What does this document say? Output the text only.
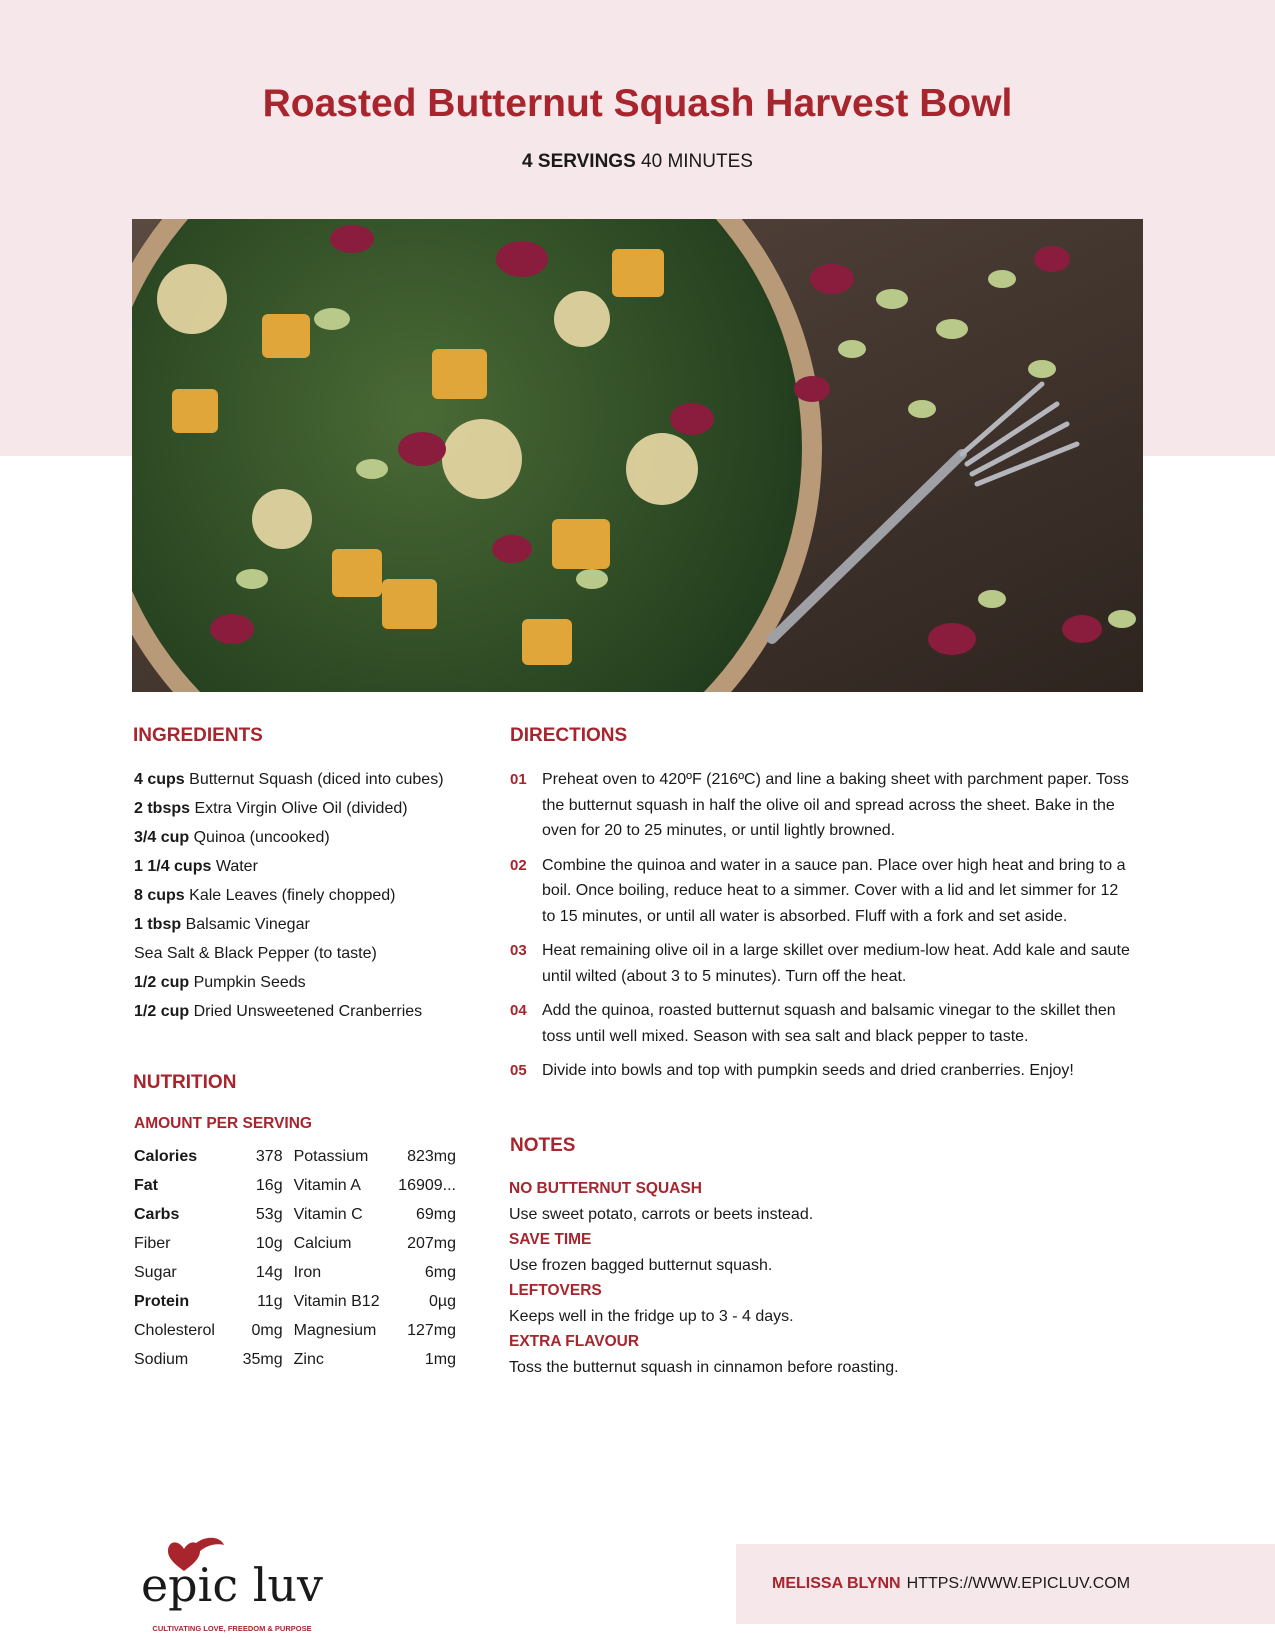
Roasted Butternut Squash Harvest Bowl
4 SERVINGS 40 MINUTES
INGREDIENTS
4 cups Butternut Squash (diced into cubes)
2 tbsps Extra Virgin Olive Oil (divided)
3/4 cup Quinoa (uncooked)
1 1/4 cups Water
8 cups Kale Leaves (finely chopped)
1 tbsp Balsamic Vinegar
Sea Salt & Black Pepper (to taste)
1/2 cup Pumpkin Seeds
1/2 cup Dried Unsweetened Cranberries
NUTRITION
AMOUNT PER SERVING
Calories	378 Potassium	823mg
Fat	16g Vitamin A	16909...
Carbs	53g Vitamin C	69mg
Fiber	10g Calcium	207mg
Sugar	14g Iron	6mg
Protein	11g Vitamin B12	0µg
Cholesterol	0mg Magnesium	127mg
Sodium	35mg Zinc	1mg
DIRECTIONS
01 Preheat oven to 420ºF (216ºC) and line a baking sheet with parchment paper. Toss the butternut squash in half the olive oil and spread across the sheet. Bake in the oven for 20 to 25 minutes, or until lightly browned.
02 Combine the quinoa and water in a sauce pan. Place over high heat and bring to a boil. Once boiling, reduce heat to a simmer. Cover with a lid and let simmer for 12 to 15 minutes, or until all water is absorbed. Fluff with a fork and set aside.
03 Heat remaining olive oil in a large skillet over medium-low heat. Add kale and saute until wilted (about 3 to 5 minutes). Turn off the heat.
04 Add the quinoa, roasted butternut squash and balsamic vinegar to the skillet then toss until well mixed. Season with sea salt and black pepper to taste.
05 Divide into bowls and top with pumpkin seeds and dried cranberries. Enjoy!
NOTES
NO BUTTERNUT SQUASH
Use sweet potato, carrots or beets instead.
SAVE TIME
Use frozen bagged butternut squash.
LEFTOVERS
Keeps well in the fridge up to 3 - 4 days.
EXTRA FLAVOUR
Toss the butternut squash in cinnamon before roasting.
epic luv
CULTIVATING LOVE, FREEDOM & PURPOSE
MELISSA BLYNN HTTPS://WWW.EPICLUV.COM
